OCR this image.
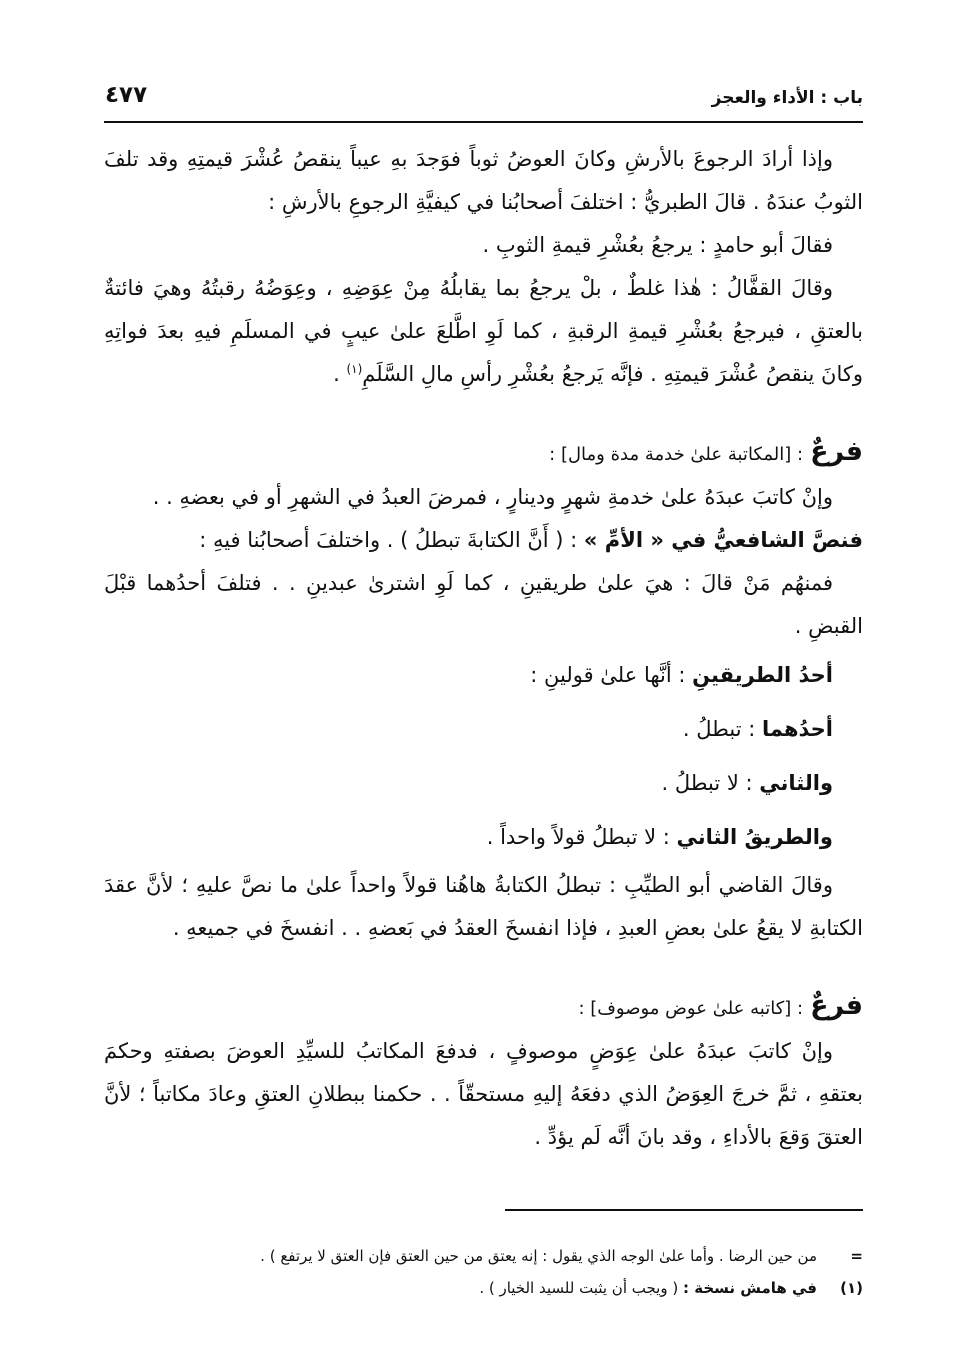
باب : الأداء والعجز
٤٧٧

وإذا أرادَ الرجوعَ بالأرشِ وكانَ العوضُ ثوباً فوَجدَ بهِ عيباً ينقصُ عُشْرَ قيمتِهِ وقد تلفَ الثوبُ عندَهُ . قالَ الطبريُّ : اختلفَ أصحابُنا في كيفيَّةِ الرجوعِ بالأرشِ :

فقالَ أبو حامدٍ : يرجعُ بعُشْرِ قيمةِ الثوبِ .

وقالَ القفَّالُ : هٰذا غلطٌ ، بلْ يرجعُ بما يقابلُهُ مِنْ عِوَضِهِ ، وعِوَضُهُ رقبتُهُ وهيَ فائتةٌ بالعتقِ ، فيرجعُ بعُشْرِ قيمةِ الرقبةِ ، كما لَوِ اطَّلعَ علىٰ عيبٍ في المسلَمِ فيهِ بعدَ فواتِهِ وكانَ ينقصُ عُشْرَ قيمتِهِ . فإنَّه يَرجعُ بعُشْرِ رأسِ مالِ السَّلَمِ$^{(١)}$ .

فرعٌ : [المكاتبة علىٰ خدمة مدة ومال] :

وإنْ كاتبَ عبدَهُ علىٰ خدمةِ شهرٍ ودينارٍ ، فمرضَ العبدُ في الشهرِ أو في بعضهِ . .

فنصَّ الشافعيُّ في « الأمِّ » : ( أَنَّ الكتابةَ تبطلُ ) . واختلفَ أصحابُنا فيهِ :

فمنهُم مَنْ قالَ : هيَ علىٰ طريقينِ ، كما لَوِ اشترىٰ عبدينِ . . فتلفَ أحدُهما قبْلَ القبضِ .

أحدُ الطريقينِ : أنَّها علىٰ قولينِ :

أحدُهما : تبطلُ .

والثاني : لا تبطلُ .

والطريقُ الثاني : لا تبطلُ قولاً واحداً .

وقالَ القاضي أبو الطيِّبِ : تبطلُ الكتابةُ هاهُنا قولاً واحداً علىٰ ما نصَّ عليهِ ؛ لأنَّ عقدَ الكتابةِ لا يقعُ علىٰ بعضِ العبدِ ، فإذا انفسخَ العقدُ في بَعضهِ . . انفسخَ في جميعهِ .

فرعٌ : [كاتبه علىٰ عوض موصوف] :

وإنْ كاتبَ عبدَهُ علىٰ عِوَضٍ موصوفٍ ، فدفعَ المكاتبُ للسيِّدِ العوضَ بصفتهِ وحكمَ بعتقهِ ، ثمَّ خرجَ العِوَضُ الذي دفعَهُ إليهِ مستحقّاً . . حكمنا ببطلانِ العتقِ وعادَ مكاتباً ؛ لأنَّ العتقَ وَقعَ بالأداءِ ، وقد بانَ أنَّه لَم يؤدِّ .

=
من حين الرضا . وأما علىٰ الوجه الذي يقول : إنه يعتق من حين العتق فإن العتق لا يرتفع ) .
(١)
في هامش نسخة : ( ويجب أن يثبت للسيد الخيار ) .
